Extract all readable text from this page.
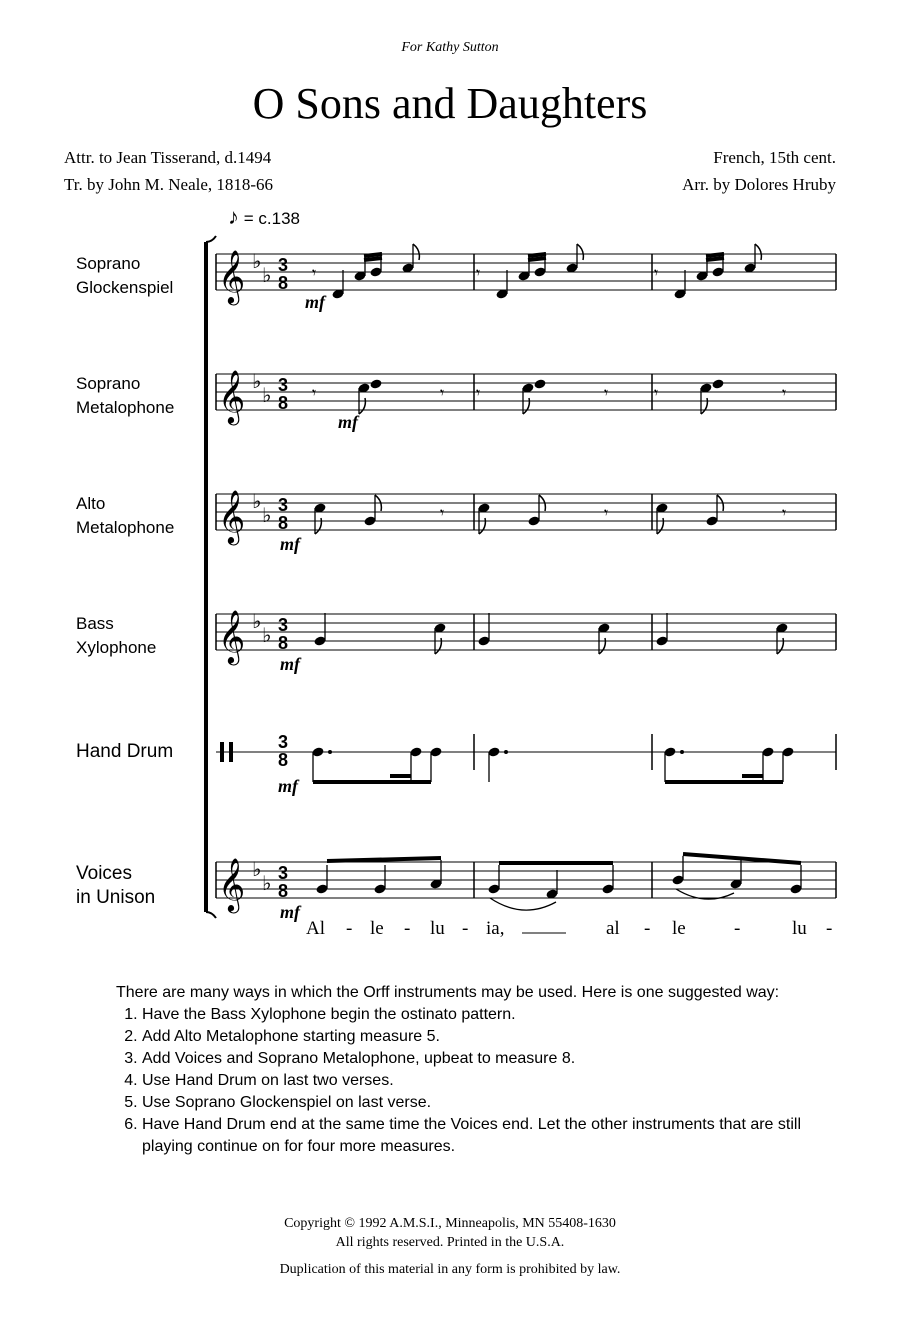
For Kathy Sutton
O Sons and Daughters
Attr. to Jean Tisserand, d.1494
Tr. by John M. Neale, 1818-66
French, 15th cent.
Arr. by Dolores Hruby
♪ = c.138
Soprano
Glockenspiel
Soprano
Metalophone
Alto
Metalophone
Bass
Xylophone
Hand Drum
Voices
in Unison
𝄞 ♭
♭ 3
8
mf
𝄞 ♭
♭ 3
8
mf
𝄞 ♭
♭ 3
8
mf
𝄞 ♭
♭ 3
8
mf
𝄞 ♭
♭ 3
8
mf
3
8
mf
𝄾	𝄾	𝄾
𝄾	𝄾 𝄾	𝄾	𝄾	𝄾
𝄾	𝄾	𝄾
Al - le - lu - ia,	al - le	-	lu -

There are many ways in which the Orff instruments may be used. Here is one suggested way:

1. Have the Bass Xylophone begin the ostinato pattern.
2. Add Alto Metalophone starting measure 5.
3. Add Voices and Soprano Metalophone, upbeat to measure 8.
4. Use Hand Drum on last two verses.
5. Use Soprano Glockenspiel on last verse.
6. Have Hand Drum end at the same time the Voices end. Let the other instruments that are still playing continue on for four more measures.
Copyright © 1992 A.M.S.I., Minneapolis, MN 55408-1630
All rights reserved. Printed in the U.S.A.
Duplication of this material in any form is prohibited by law.
